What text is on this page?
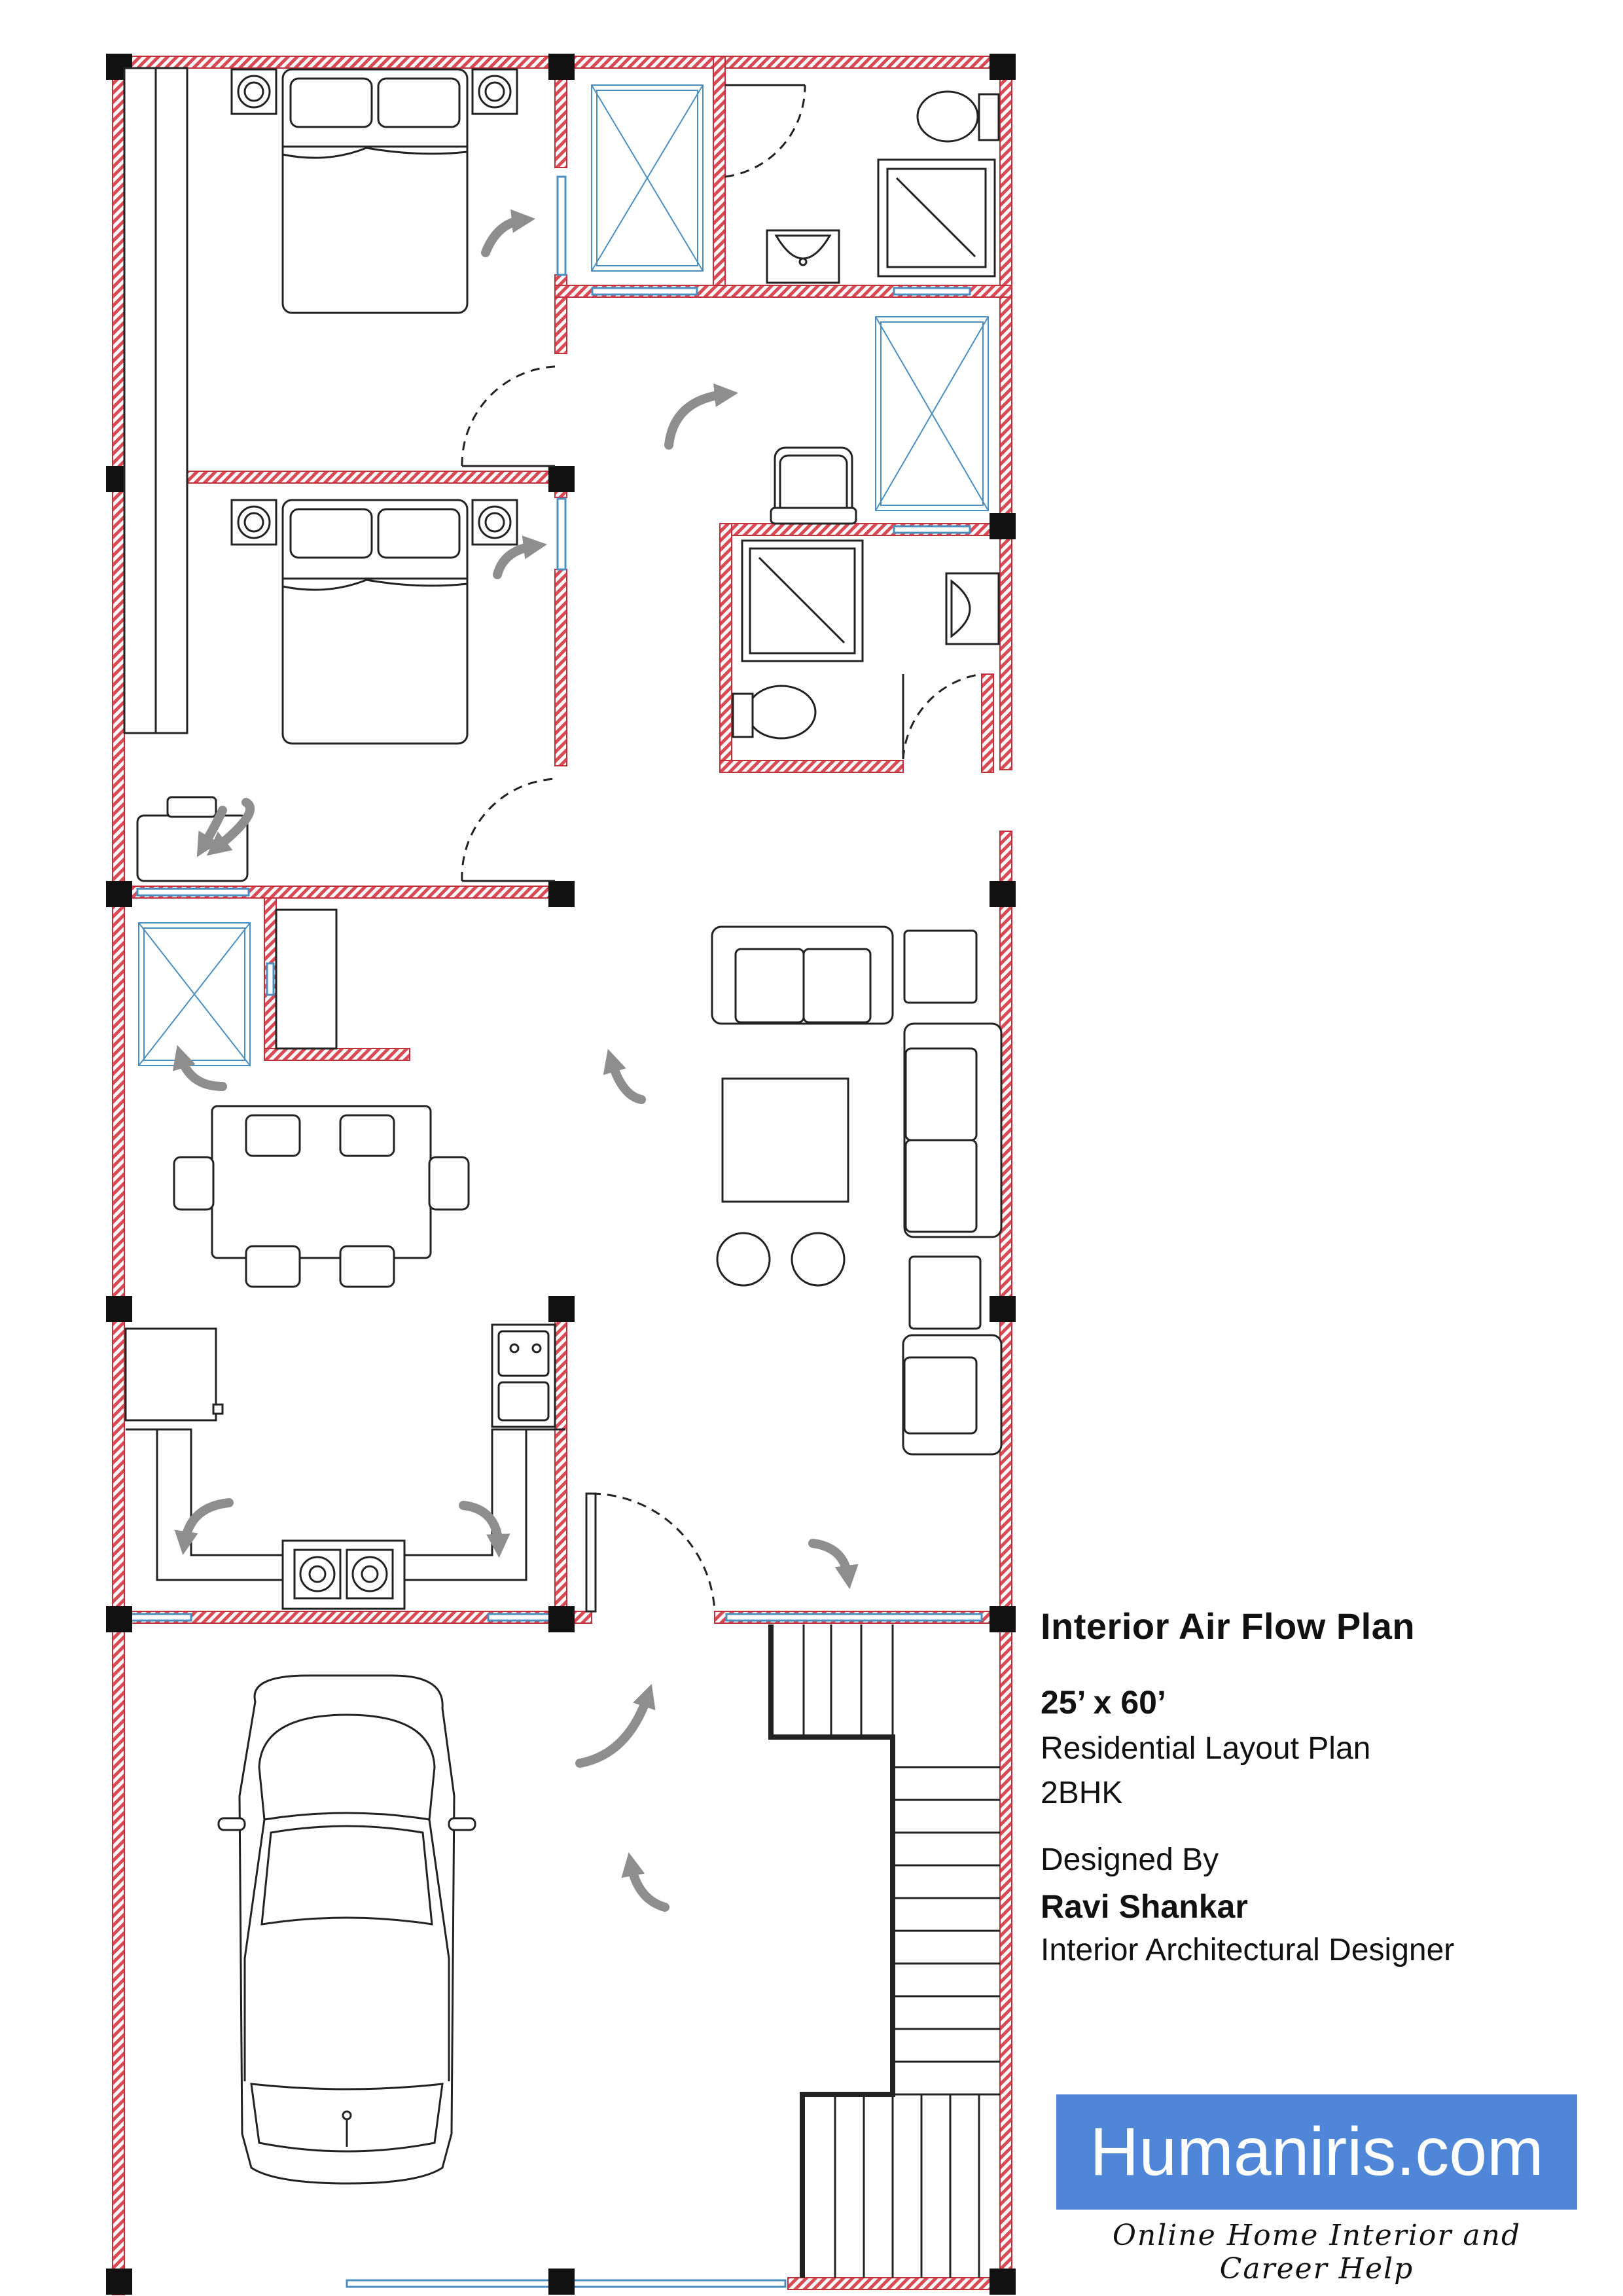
Interior Air Flow Plan
25’ x 60’
Residential Layout Plan
2BHK
Designed By
Ravi Shankar
Interior Architectural Designer
Humaniris.com
Online Home Interior and Career Help
